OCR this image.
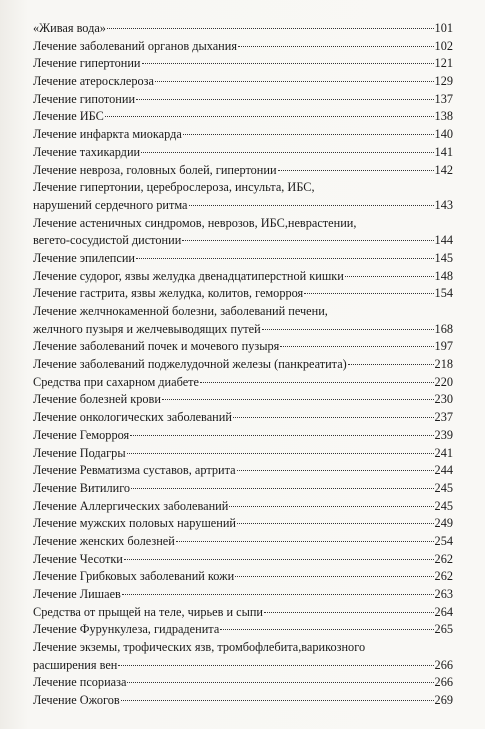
«Живая вода»	101
Лечение заболеваний органов дыхания	102
Лечение гипертонии	121
Лечение атеросклероза	129
Лечение гипотонии	137
Лечение ИБС	138
Лечение инфаркта миокарда	140
Лечение тахикардии	141
Лечение невроза, головных болей, гипертонии	142
Лечение гипертонии, цереброслероза, инсульта, ИБС,
нарушений сердечного ритма	143
Лечение астеничных синдромов, неврозов, ИБС,неврастении,
вегето-сосудистой дистонии	144
Лечение эпилепсии	145
Лечение судорог, язвы желудка двенадцатиперстной кишки	148
Лечение гастрита, язвы желудка, колитов, геморроя	154
Лечение желчнокаменной болезни, заболеваний печени,
желчного пузыря и желчевыводящих путей	168
Лечение заболеваний почек и мочевого пузыря	197
Лечение заболеваний поджелудочной железы (панкреатита)	218
Средства при сахарном диабете	220
Лечение болезней крови	230
Лечение онкологических заболеваний	237
Лечение Геморроя	239
Лечение Подагры	241
Лечение Ревматизма суставов, артрита	244
Лечение Витилиго	245
Лечение Аллергических заболеваний	245
Лечение мужских половых нарушений	249
Лечение женских болезней	254
Лечение Чесотки	262
Лечение Грибковых заболеваний кожи	262
Лечение Лишаев	263
Средства от прыщей на теле, чирьев и сыпи	264
Лечение Фурункулеза, гидраденита	265
Лечение экземы, трофических язв, тромбофлебита,варикозного
расширения вен	266
Лечение псориаза	266
Лечение Ожогов	269
